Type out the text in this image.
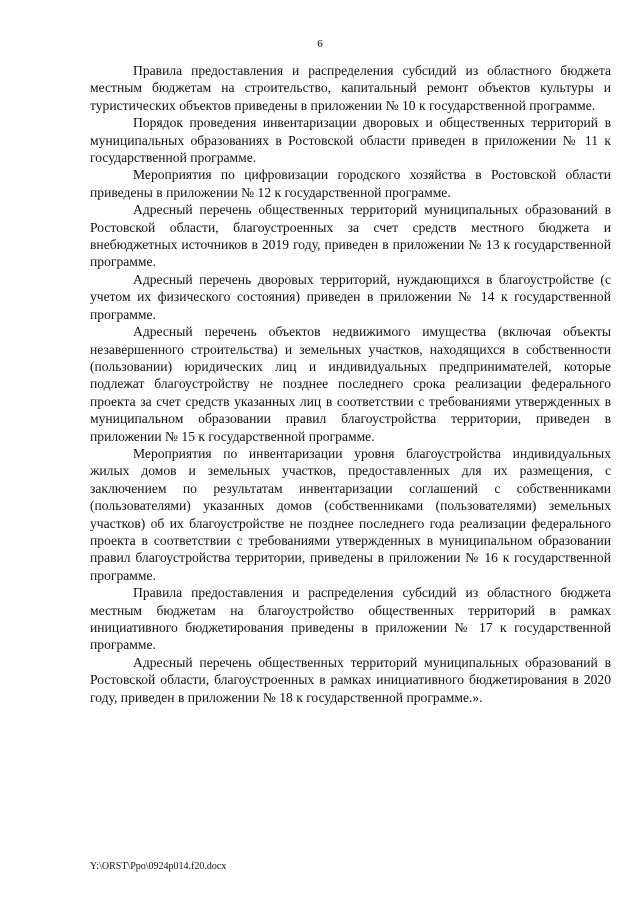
6

Правила предоставления и распределения субсидий из областного бюджета местным бюджетам на строительство, капитальный ремонт объектов культуры и туристических объектов приведены в приложении № 10 к государственной программе.

Порядок проведения инвентаризации дворовых и общественных территорий в муниципальных образованиях в Ростовской области приведен в приложении № 11 к государственной программе.

Мероприятия по цифровизации городского хозяйства в Ростовской области приведены в приложении № 12 к государственной программе.

Адресный перечень общественных территорий муниципальных образований в Ростовской области, благоустроенных за счет средств местного бюджета и внебюджетных источников в 2019 году, приведен в приложении № 13 к государственной программе.

Адресный перечень дворовых территорий, нуждающихся в благоустройстве (с учетом их физического состояния) приведен в приложении № 14 к государственной программе.

Адресный перечень объектов недвижимого имущества (включая объекты незавершенного строительства) и земельных участков, находящихся в собственности (пользовании) юридических лиц и индивидуальных предпринимателей, которые подлежат благоустройству не позднее последнего срока реализации федерального проекта за счет средств указанных лиц в соответствии с требованиями утвержденных в муниципальном образовании правил благоустройства территории, приведен в приложении № 15 к государственной программе.

Мероприятия по инвентаризации уровня благоустройства индивидуальных жилых домов и земельных участков, предоставленных для их размещения, с заключением по результатам инвентаризации соглашений с собственниками (пользователями) указанных домов (собственниками (пользователями) земельных участков) об их благоустройстве не позднее последнего года реализации федерального проекта в соответствии с требованиями утвержденных в муниципальном образовании правил благоустройства территории, приведены в приложении № 16 к государственной программе.

Правила предоставления и распределения субсидий из областного бюджета местным бюджетам на благоустройство общественных территорий в рамках инициативного бюджетирования приведены в приложении № 17 к государственной программе.

Адресный перечень общественных территорий муниципальных образований в Ростовской области, благоустроенных в рамках инициативного бюджетирования в 2020 году, приведен в приложении № 18 к государственной программе.».

Y:\ORST\Ppo\0924p014.f20.docx
